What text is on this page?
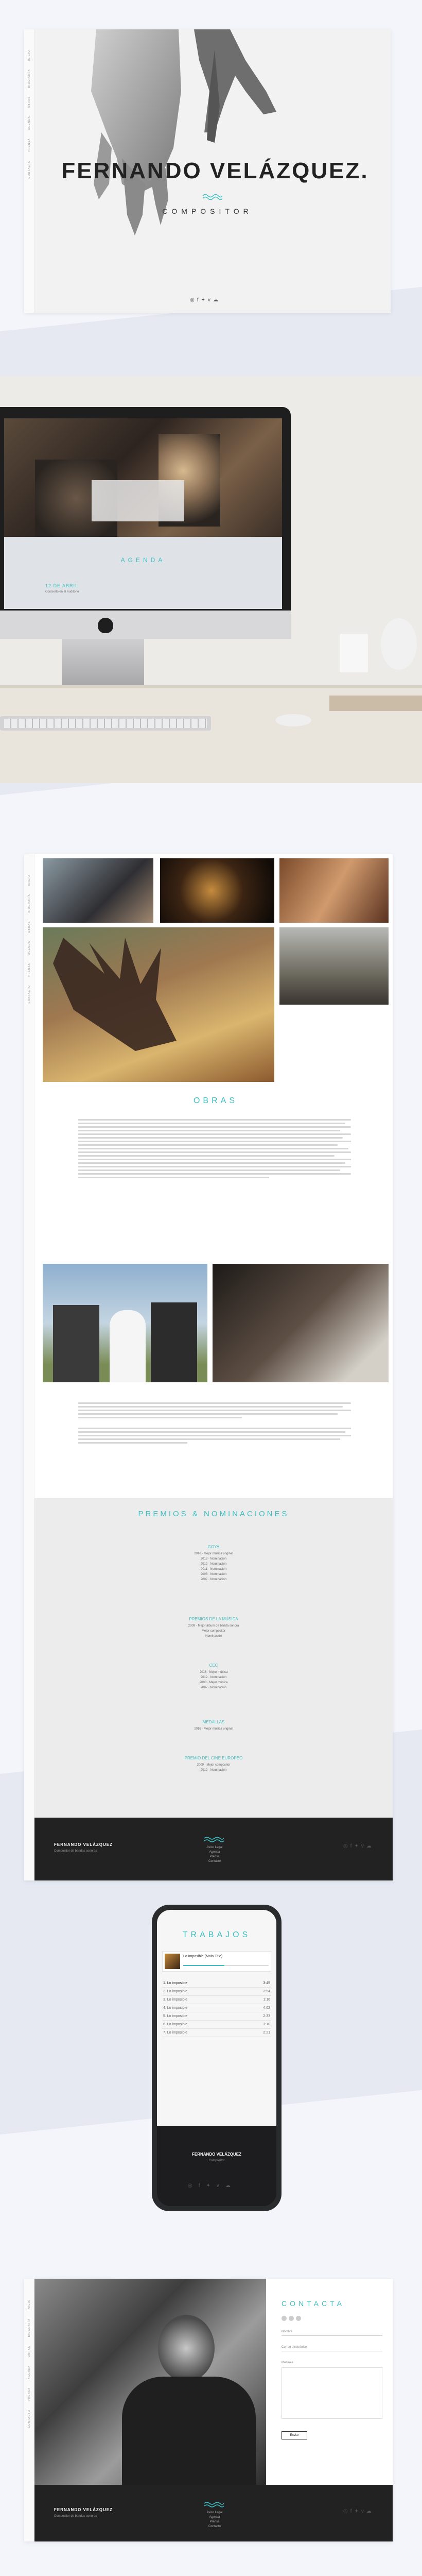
INICIO
BIOGRAFÍA
OBRAS
AGENDA
PRENSA
CONTACTO	FERNANDO VELÁZQUEZ.
COMPOSITOR
◎ f ✦ v ☁
AGENDA
12 DE ABRIL
Concierto en el Auditorio
INICIO
BIOGRAFÍA
OBRAS
AGENDA
PRENSA
CONTACTO
OBRAS
PREMIOS & NOMINACIONES
GOYA
2016 · Mejor música original
2013 · Nominación
2012 · Nominación
2011 · Nominación
2008 · Nominación
2007 · Nominación
PREMIOS DE LA MÚSICA
2009 · Mejor álbum de banda sonora
Mejor compositor
Nominación
CEC
2016 · Mejor música
2012 · Nominación
2008 · Mejor música
2007 · Nominación
MEDALLAS
2016 · Mejor música original
PREMIO DEL CINE EUROPEO
2009 · Mejor compositor
2012 · Nominación
FERNANDO VELÁZQUEZ
Compositor de bandas sonoras
Aviso Legal
Agenda
Prensa
Contacto
◎ f ✦ v ☁
TRABAJOS
Lo Imposible (Main Title)
1. Lo imposible	3:45
2. Lo imposible	2:54
3. Lo imposible	1:16
4. Lo imposible	4:02
5. Lo imposible	2:33
6. Lo imposible	3:10
7. Lo imposible	2:21
FERNANDO VELÁZQUEZ
Compositor
◎ f ✦ v ☁
INICIO
BIOGRAFÍA
OBRAS
AGENDA
PRENSA
CONTACTO
CONTACTA
Nombre
Correo electrónico
Mensaje
Enviar
FERNANDO VELÁZQUEZ
Compositor de bandas sonoras
Aviso Legal
Agenda
Prensa
Contacto
◎ f ✦ v ☁
